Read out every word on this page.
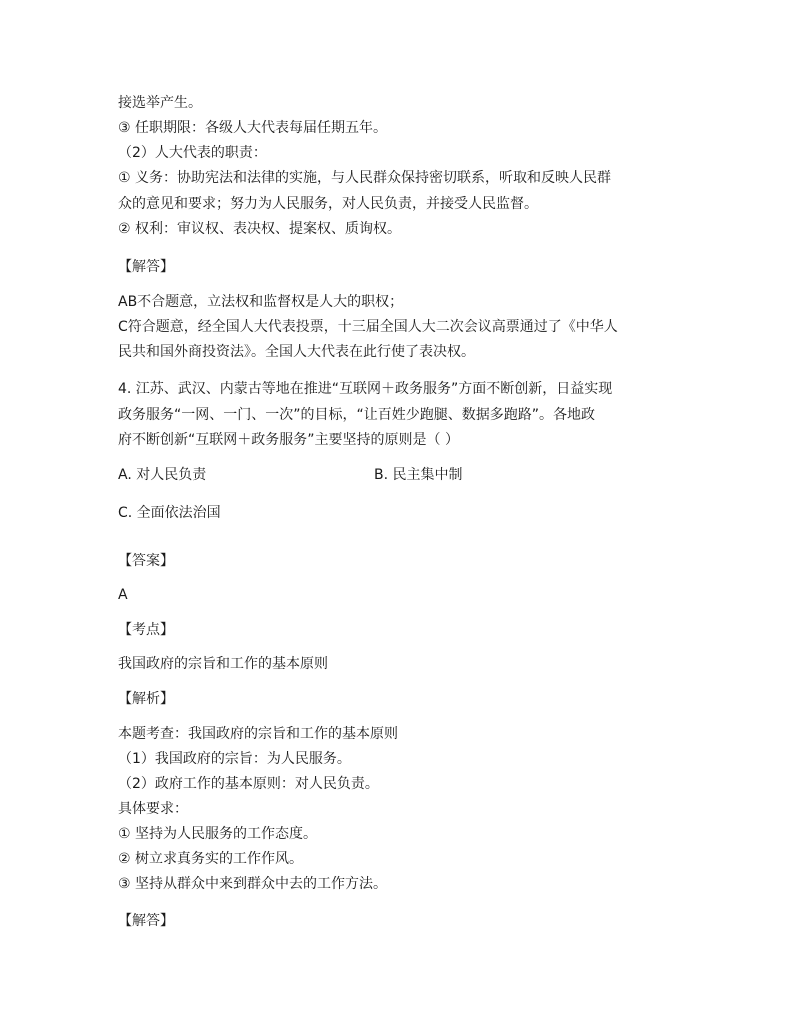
接选举产生。
③ 任职期限：各级人大代表每届任期五年。
（2）人大代表的职责：
① 义务：协助宪法和法律的实施，与人民群众保持密切联系，听取和反映人民群
众的意见和要求；努力为人民服务，对人民负责，并接受人民监督。
② 权利：审议权、表决权、提案权、质询权。
【解答】
AB不合题意，立法权和监督权是人大的职权；
C符合题意，经全国人大代表投票，十三届全国人大二次会议高票通过了《中华人
民共和国外商投资法》。全国人大代表在此行使了表决权。
4. 江苏、武汉、内蒙古等地在推进“互联网＋政务服务”方面不断创新，日益实现
政务服务“一网、一门、一次”的目标，“让百姓少跑腿、数据多跑路”。各地政
府不断创新“互联网＋政务服务”主要坚持的原则是（ ）
A. 对人民负责	B. 民主集中制
C. 全面依法治国
【答案】
A
【考点】
我国政府的宗旨和工作的基本原则
【解析】
本题考查：我国政府的宗旨和工作的基本原则
（1）我国政府的宗旨：为人民服务。
（2）政府工作的基本原则：对人民负责。
具体要求：
① 坚持为人民服务的工作态度。
② 树立求真务实的工作作风。
③ 坚持从群众中来到群众中去的工作方法。
【解答】
